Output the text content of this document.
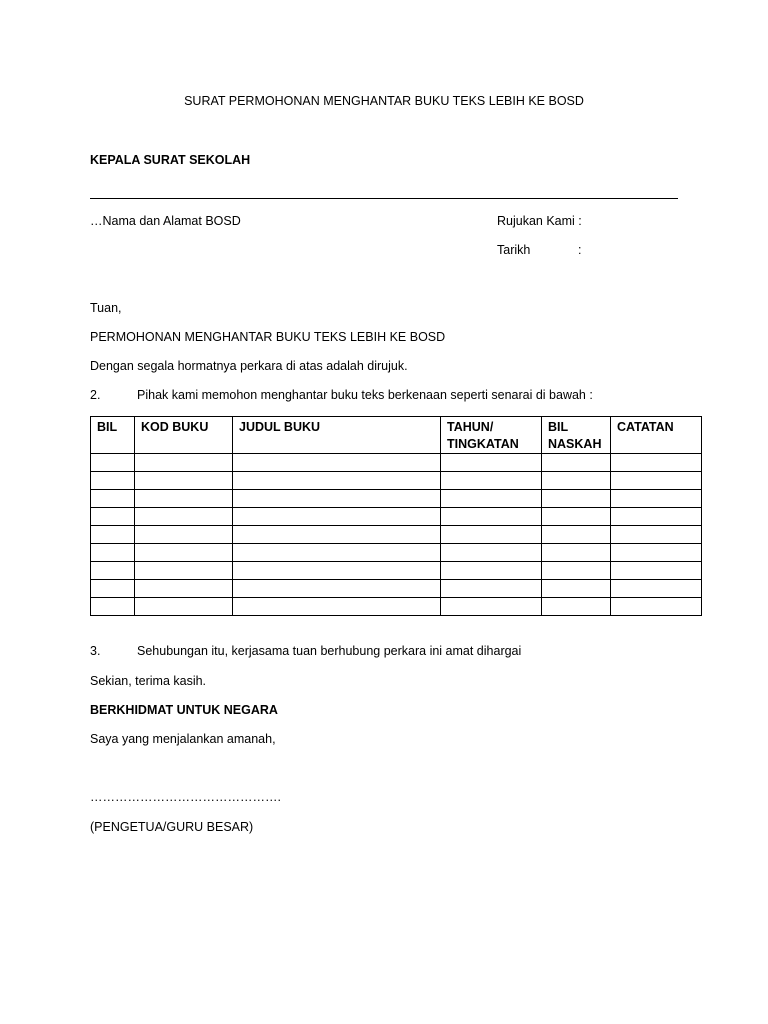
SURAT PERMOHONAN MENGHANTAR BUKU TEKS LEBIH KE BOSD
KEPALA SURAT SEKOLAH
…Nama dan Alamat BOSD	Rujukan Kami :
Tarikh	:
Tuan,
PERMOHONAN MENGHANTAR BUKU TEKS LEBIH KE BOSD
Dengan segala hormatnya perkara di atas adalah dirujuk.
2.	Pihak kami memohon menghantar buku teks berkenaan seperti senarai di bawah :
BIL	KOD BUKU	JUDUL BUKU	TAHUN/ TINGKATAN	BIL NASKAH	CATATAN

3.	Sehubungan itu, kerjasama tuan berhubung perkara ini amat dihargai
Sekian, terima kasih.
BERKHIDMAT UNTUK NEGARA
Saya yang menjalankan amanah,
……………………………………….
(PENGETUA/GURU BESAR)
